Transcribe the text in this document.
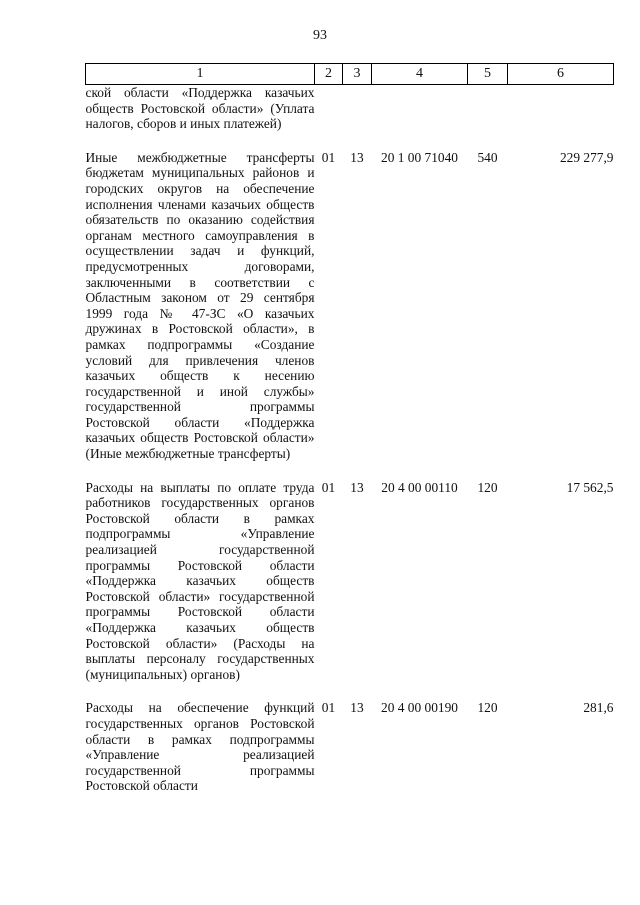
93
1	2	3	4	5	6
ской области «Поддержка казачьих обществ Ростовской области» (Уплата налогов, сборов и иных платежей)					

Иные межбюджетные трансферты бюджетам муниципальных районов и городских округов на обеспечение исполнения членами казачьих обществ обязательств по оказанию содействия органам местного самоуправления в осуществлении задач и функций, предусмотренных договорами, заключенными в соответствии с Областным законом от 29 сентября 1999 года № 47-ЗС «О казачьих дружинах в Ростовской области», в рамках подпрограммы «Создание условий для привлечения членов казачьих обществ к несению государственной и иной службы» государственной программы Ростовской области «Поддержка казачьих обществ Ростовской области» (Иные межбюджетные трансферты)	01	13	20 1 00 71040	540	229 277,9

Расходы на выплаты по оплате труда работников государственных органов Ростовской области в рамках подпрограммы «Управление реализацией государственной программы Ростовской области «Поддержка казачьих обществ Ростовской области» государственной программы Ростовской области «Поддержка казачьих обществ Ростовской области» (Расходы на выплаты персоналу государственных (муниципальных) органов)	01	13	20 4 00 00110	120	17 562,5

Расходы на обеспечение функций государственных органов Ростовской области в рамках подпрограммы «Управление реализацией государственной программы Ростовской области	01	13	20 4 00 00190	120	281,6
